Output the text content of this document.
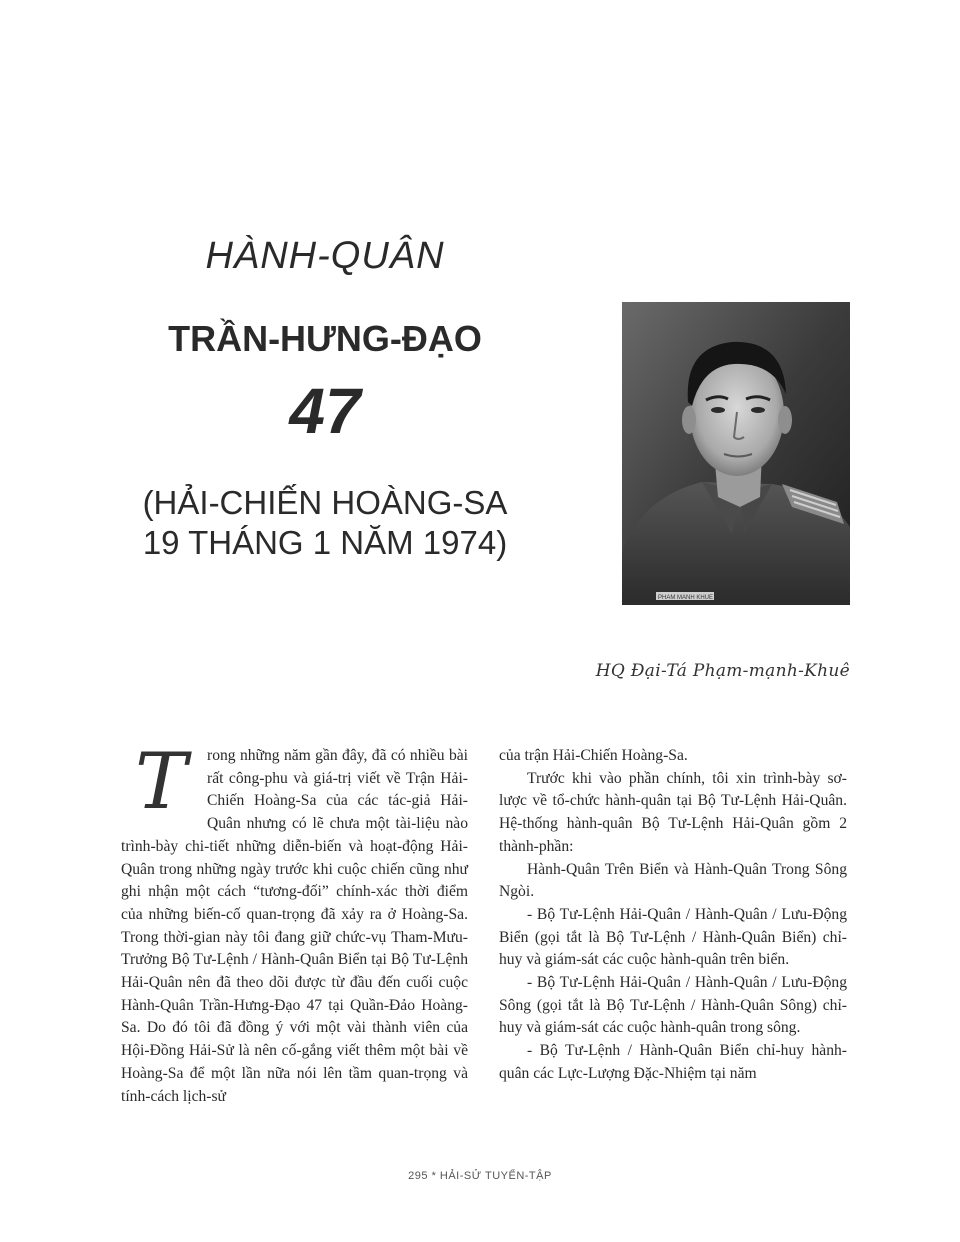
HÀNH-QUÂN
TRẦN-HƯNG-ĐẠO
47
(HẢI-CHIẾN HOÀNG-SA
19 THÁNG 1 NĂM 1974)
PHAM MANH KHUE
HQ Đại-Tá Phạm-mạnh-Khuê
T	rong những năm gần đây, đã có nhiều bài rất công-phu và giá-trị viết về Trận Hải-Chiến Hoàng-Sa của các tác-giả Hải-Quân nhưng có lẽ chưa một tài-liệu nào trình-bày chi-tiết những diễn-biến và hoạt-động Hải-Quân trong những ngày trước khi cuộc chiến cũng như ghi nhận một cách “tương-đối” chính-xác thời điểm của những biến-cố quan-trọng đã xảy ra ở Hoàng-Sa. Trong thời-gian này tôi đang giữ chức-vụ Tham-Mưu-Trưởng Bộ Tư-Lệnh / Hành-Quân Biển tại Bộ Tư-Lệnh Hải-Quân nên đã theo dõi được từ đầu đến cuối cuộc Hành-Quân Trần-Hưng-Đạo 47 tại Quần-Đảo Hoàng-Sa. Do đó tôi đã đồng ý với một vài thành viên của Hội-Đồng Hải-Sử là nên cố-gắng viết thêm một bài về Hoàng-Sa để một lần nữa nói lên tầm quan-trọng và tính-cách lịch-sử

của trận Hải-Chiến Hoàng-Sa.

Trước khi vào phần chính, tôi xin trình-bày sơ-lược về tổ-chức hành-quân tại Bộ Tư-Lệnh Hải-Quân. Hệ-thống hành-quân Bộ Tư-Lệnh Hải-Quân gồm 2 thành-phần:

Hành-Quân Trên Biển và Hành-Quân Trong Sông Ngòi.

- Bộ Tư-Lệnh Hải-Quân / Hành-Quân / Lưu-Động Biển (gọi tắt là Bộ Tư-Lệnh / Hành-Quân Biển) chỉ-huy và giám-sát các cuộc hành-quân trên biển.

- Bộ Tư-Lệnh Hải-Quân / Hành-Quân / Lưu-Động Sông (gọi tắt là Bộ Tư-Lệnh / Hành-Quân Sông) chỉ-huy và giám-sát các cuộc hành-quân trong sông.

- Bộ Tư-Lệnh / Hành-Quân Biển chỉ-huy hành-quân các Lực-Lượng Đặc-Nhiệm tại năm

295 * HẢI-SỬ TUYỂN-TẬP
